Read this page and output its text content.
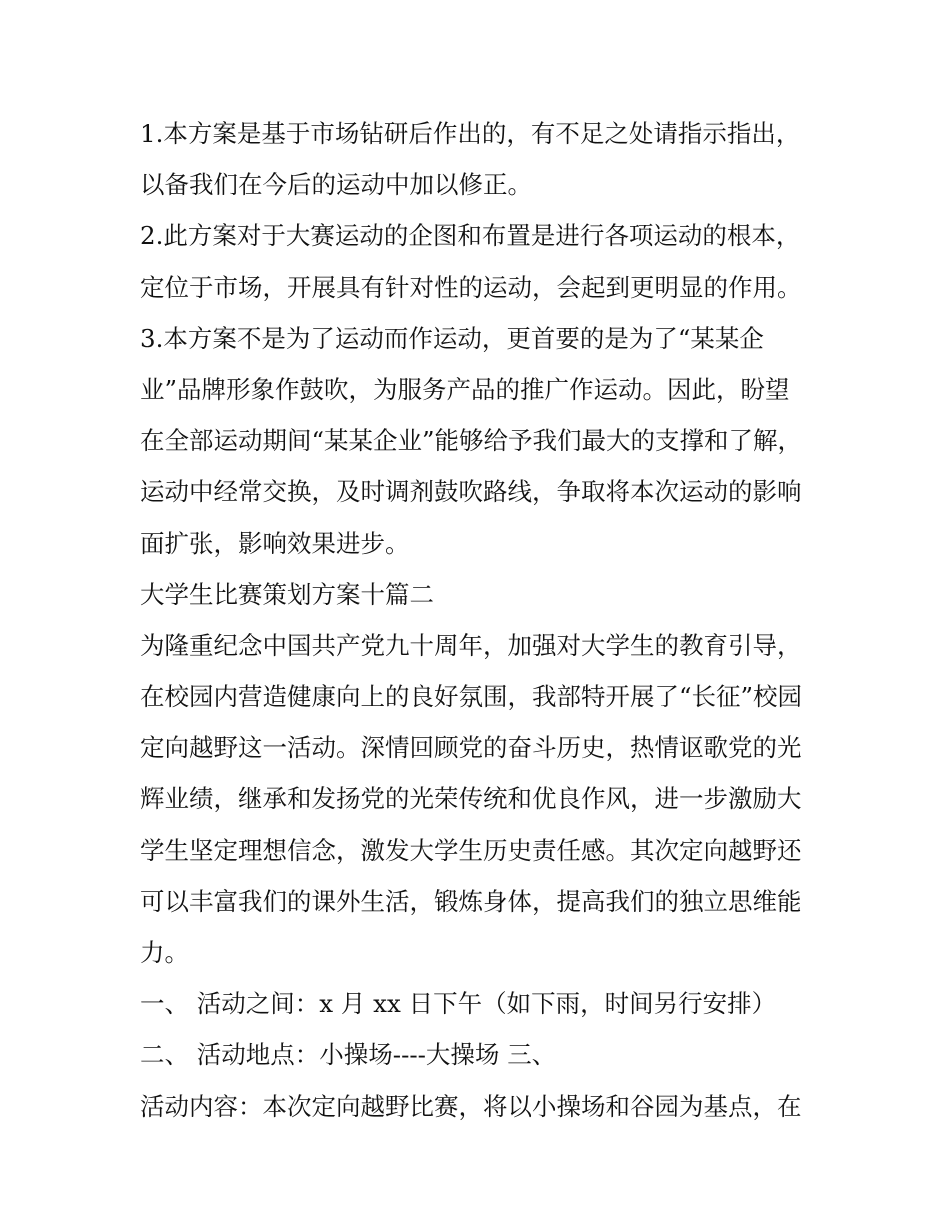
1.本方案是基于市场钻研后作出的，有不足之处请指示指出，
以备我们在今后的运动中加以修正。
2.此方案对于大赛运动的企图和布置是进行各项运动的根本，
定位于市场，开展具有针对性的运动，会起到更明显的作用。
3.本方案不是为了运动而作运动，更首要的是为了“某某企
业”品牌形象作鼓吹，为服务产品的推广作运动。因此，盼望
在全部运动期间“某某企业”能够给予我们最大的支撑和了解，
运动中经常交换，及时调剂鼓吹路线，争取将本次运动的影响
面扩张，影响效果进步。
大学生比赛策划方案十篇二
为隆重纪念中国共产党九十周年，加强对大学生的教育引导，
在校园内营造健康向上的良好氛围，我部特开展了“长征”校园
定向越野这一活动。深情回顾党的奋斗历史，热情讴歌党的光
辉业绩，继承和发扬党的光荣传统和优良作风，进一步激励大
学生坚定理想信念，激发大学生历史责任感。其次定向越野还
可以丰富我们的课外生活，锻炼身体，提高我们的独立思维能
力。
一、 活动之间：x 月 xx 日下午（如下雨，时间另行安排）
二、 活动地点：小操场----大操场 三、
活动内容：本次定向越野比赛，将以小操场和谷园为基点，在
